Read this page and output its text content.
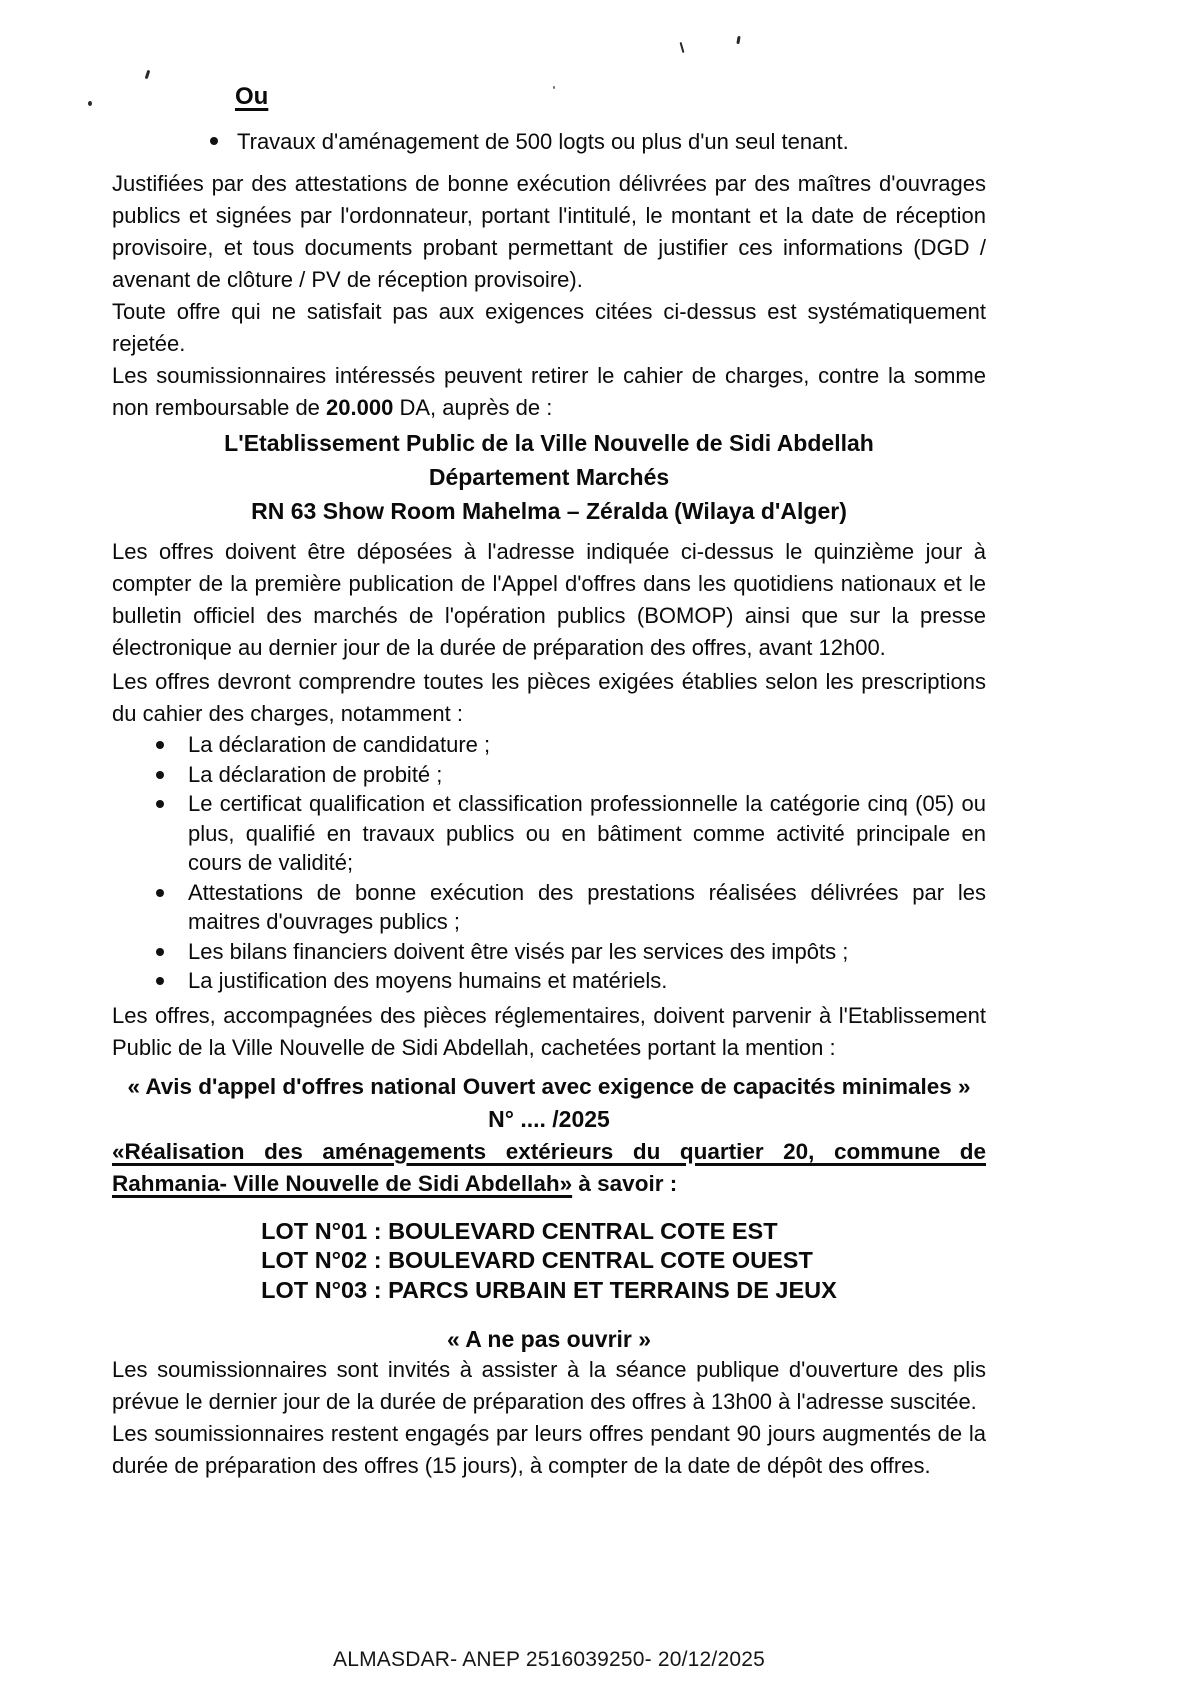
Ou
Travaux d'aménagement de 500 logts ou plus d'un seul tenant.

Justifiées par des attestations de bonne exécution délivrées par des maîtres d'ouvrages publics et signées par l'ordonnateur, portant l'intitulé, le montant et la date de réception provisoire, et tous documents probant permettant de justifier ces informations (DGD / avenant de clôture / PV de réception provisoire).

Toute offre qui ne satisfait pas aux exigences citées ci-dessus est systématiquement rejetée.

Les soumissionnaires intéressés peuvent retirer le cahier de charges, contre la somme non remboursable de 20.000 DA, auprès de :

L'Etablissement Public de la Ville Nouvelle de Sidi Abdellah
Département Marchés
RN 63 Show Room Mahelma – Zéralda (Wilaya d'Alger)

Les offres doivent être déposées à l'adresse indiquée ci-dessus le quinzième jour à compter de la première publication de l'Appel d'offres dans les quotidiens nationaux et le bulletin officiel des marchés de l'opération publics (BOMOP) ainsi que sur la presse électronique au dernier jour de la durée de préparation des offres, avant 12h00.

Les offres devront comprendre toutes les pièces exigées établies selon les prescriptions du cahier des charges, notamment :

La déclaration de candidature ;
La déclaration de probité ;
Le certificat qualification et classification professionnelle la catégorie cinq (05) ou plus, qualifié en travaux publics ou en bâtiment comme activité principale en cours de validité;
Attestations de bonne exécution des prestations réalisées délivrées par les maitres d'ouvrages publics ;
Les bilans financiers doivent être visés par les services des impôts ;
La justification des moyens humains et matériels.

Les offres, accompagnées des pièces réglementaires, doivent parvenir à l'Etablissement Public de la Ville Nouvelle de Sidi Abdellah, cachetées portant la mention :

« Avis d'appel d'offres national Ouvert avec exigence de capacités minimales »
N° .... /2025

«Réalisation des aménagements extérieurs du quartier 20, commune de Rahmania- Ville Nouvelle de Sidi Abdellah» à savoir :

LOT N°01 : BOULEVARD CENTRAL COTE EST
LOT N°02 : BOULEVARD CENTRAL COTE OUEST
LOT N°03 : PARCS URBAIN ET TERRAINS DE JEUX
« A ne pas ouvrir »

Les soumissionnaires sont invités à assister à la séance publique d'ouverture des plis prévue le dernier jour de la durée de préparation des offres à 13h00 à l'adresse suscitée.

Les soumissionnaires restent engagés par leurs offres pendant 90 jours augmentés de la durée de préparation des offres (15 jours), à compter de la date de dépôt des offres.

ALMASDAR- ANEP 2516039250- 20/12/2025
